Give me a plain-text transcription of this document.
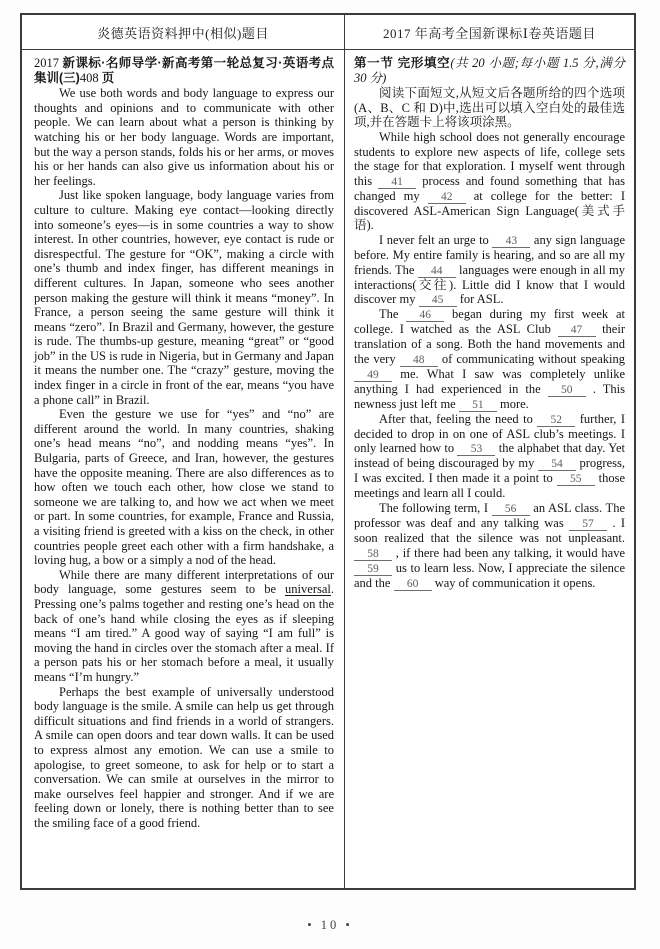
炎德英语资料押中(相似)题目	2017 年高考全国新课标Ⅰ卷英语题目

2017 新课标·名师导学·新高考第一轮总复习·英语考点集训(三)408 页

We use both words and body language to express our thoughts and opinions and to communicate with other people. We can learn about what a person is thinking by watching his or her body language. Words are important, but the way a person stands, folds his or her arms, or moves his or her hands can also give us information about his or her feelings.

Just like spoken language, body language varies from culture to culture. Making eye contact—looking directly into someone’s eyes—is in some countries a way to show interest. In other countries, however, eye contact is rude or disrespectful. The gesture for “OK”, making a circle with one’s thumb and index finger, has different meanings in different cultures. In Japan, someone who sees another person making the gesture will think it means “money”. In France, a person seeing the same gesture will think it means “zero”. In Brazil and Germany, however, the gesture is rude. The thumbs-up gesture, meaning “great” or “good job” in the US is rude in Nigeria, but in Germany and Japan it means the number one. The “crazy” gesture, moving the index finger in a circle in front of the ear, means “you have a phone call” in Brazil.

Even the gesture we use for “yes” and “no” are different around the world. In many countries, shaking one’s head means “no”, and nodding means “yes”. In Bulgaria, parts of Greece, and Iran, however, the gestures have the opposite meaning. There are also differences as to how often we touch each other, how close we stand to someone we are talking to, and how we act when we meet or part. In some countries, for example, France and Russia, a visiting friend is greeted with a kiss on the check, in other countries people greet each other with a firm handshake, a loving hug, a bow or a simply a nod of the head.

While there are many different interpretations of our body language, some gestures seem to be universal. Pressing one’s palms together and resting one’s head on the back of one’s hand while closing the eyes as if sleeping means “I am tired.” A good way of saying “I am full” is moving the hand in circles over the stomach after a meal. If a person pats his or her stomach before a meal, it usually means “I’m hungry.”

Perhaps the best example of universally understood body language is the smile. A smile can help us get through difficult situations and find friends in a world of strangers. A smile can open doors and tear down walls. It can be used to express almost any emotion. We can use a smile to apologise, to greet someone, to ask for help or to start a conversation. We can smile at ourselves in the mirror to make ourselves feel happier and stronger. And if we are feeling down or lonely, there is nothing better than to see the smiling face of a good friend.

第一节 完形填空(共 20 小题;每小题 1.5 分,满分 30 分)

阅读下面短文,从短文后各题所给的四个选项(A、B、C 和 D)中,选出可以填入空白处的最佳选项,并在答题卡上将该项涂黑。

While high school does not generally encourage students to explore new aspects of life, college sets the stage for that exploration. I myself went through this 41 process and found something that has changed my 42 at college for the better: I discovered ASL-American Sign Language(美式手语).

I never felt an urge to 43 any sign language before. My entire family is hearing, and so are all my friends. The 44 languages were enough in all my interactions(交往). Little did I know that I would discover my 45 for ASL.

The 46 began during my first week at college. I watched as the ASL Club 47 their translation of a song. Both the hand movements and the very 48 of communicating without speaking 49 me. What I saw was completely unlike anything I had experienced in the 50 . This newness just left me 51 more.

After that, feeling the need to 52 further, I decided to drop in on one of ASL club’s meetings. I only learned how to 53 the alphabet that day. Yet instead of being discouraged by my 54 progress, I was excited. I then made it a point to 55 those meetings and learn all I could.

The following term, I 56 an ASL class. The professor was deaf and any talking was 57 . I soon realized that the silence was not unpleasant. 58 , if there had been any talking, it would have 59 us to learn less. Now, I appreciate the silence and the 60 way of communication it opens.

• 10 •
